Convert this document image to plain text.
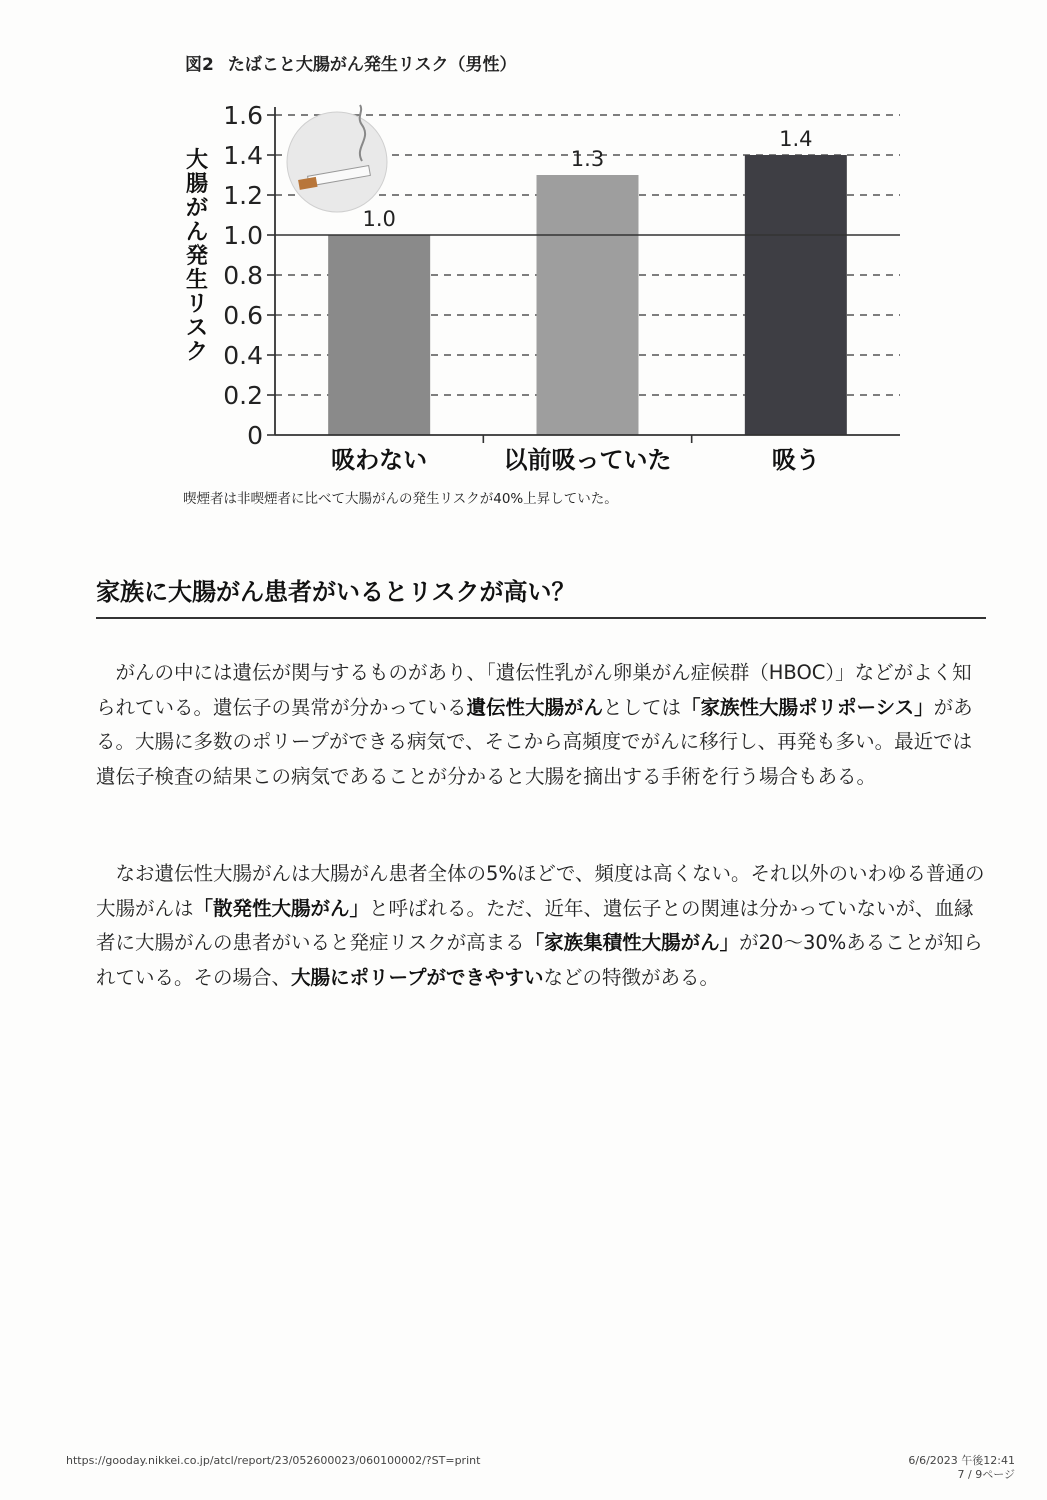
図2 たばこと大腸がん発生リスク（男性）
0
0.2
0.4
0.6
0.8
1.0
1.2
1.4
1.6
1.0
吸わない
1.3
以前吸っていた
1.4
吸う
大腸がん発生リスク
喫煙者は非喫煙者に比べて大腸がんの発生リスクが40%上昇していた。
家族に大腸がん患者がいるとリスクが高い？

がんの中には遺伝が関与するものがあり、「遺伝性乳がん卵巣がん症候群（HBOC）」などがよく知られている。遺伝子の異常が分かっている遺伝性大腸がんとしては「家族性大腸ポリポーシス」がある。大腸に多数のポリープができる病気で、そこから高頻度でがんに移行し、再発も多い。最近では遺伝子検査の結果この病気であることが分かると大腸を摘出する手術を行う場合もある。

なお遺伝性大腸がんは大腸がん患者全体の5%ほどで、頻度は高くない。それ以外のいわゆる普通の大腸がんは「散発性大腸がん」と呼ばれる。ただ、近年、遺伝子との関連は分かっていないが、血縁者に大腸がんの患者がいると発症リスクが高まる「家族集積性大腸がん」が20〜30%あることが知られている。その場合、大腸にポリープができやすいなどの特徴がある。

https://gooday.nikkei.co.jp/atcl/report/23/052600023/060100002/?ST=print	6/6/2023 午後12:41
7 / 9ページ
